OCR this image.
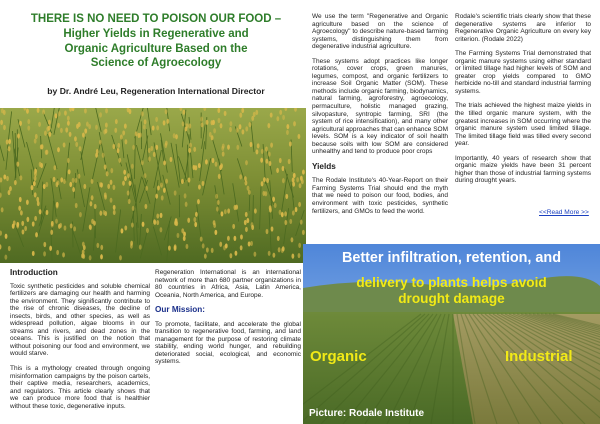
THERE IS NO NEED TO POISON OUR FOOD –
Higher Yields in Regenerative and
Organic Agriculture Based on the
Science of Agroecology
by Dr. André Leu, Regeneration International Director
Introduction

Toxic synthetic pesticides and soluble chemical fertilizers are damaging our health and harming the environment. They significantly contribute to the rise of chronic diseases, the decline of insects, birds, and other species, as well as widespread pollution, algae blooms in our streams and rivers, and dead zones in the oceans. This is justified on the notion that without poisoning our food and environment, we would starve.

This is a mythology created through ongoing misinformation campaigns by the poison cartels, their captive media, researchers, academics, and regulators. This article clearly shows that we can produce more food that is healthier without these toxic, degenerative inputs.

Regeneration International is an international network of more than 680 partner organizations in 80 countries in Africa, Asia, Latin America, Oceania, North America, and Europe.

Our Mission:

To promote, facilitate, and accelerate the global transition to regenerative food, farming, and land management for the purpose of restoring climate stability, ending world hunger, and rebuilding deteriorated social, ecological, and economic systems.

We use the term "Regenerative and Organic agriculture based on the science of Agroecology" to describe nature-based farming systems, distinguishing them from degenerative industrial agriculture.

These systems adopt practices like longer rotations, cover crops, green manures, legumes, compost, and organic fertilizers to increase Soil Organic Matter (SOM). These methods include organic farming, biodynamics, natural farming, agroforestry, agroecology, permaculture, holistic managed grazing, silvopasture, syntropic farming, SRI (the system of rice intensification), and many other agricultural approaches that can enhance SOM levels. SOM is a key indicator of soil health because soils with low SOM are considered unhealthy and tend to produce poor crops

Yields

The Rodale Institute's 40-Year-Report on their Farming Systems Trial should end the myth that we need to poison our food, bodies, and environment with toxic pesticides, synthetic fertilizers, and GMOs to feed the world.

Rodale's scientific trials clearly show that these degenerative systems are inferior to Regenerative Organic Agriculture on every key criterion. (Rodale 2022)

The Farming Systems Trial demonstrated that organic manure systems using either standard or limited tillage had higher levels of SOM and greater crop yields compared to GMO herbicide no-till and standard industrial farming systems.

The trials achieved the highest maize yields in the tilled organic manure system, with the greatest increases in SOM occurring where the organic manure system used limited tillage. The limited tillage field was tilled every second year.

Importantly, 40 years of research show that organic maize yields have been 31 percent higher than those of industrial farming systems during drought years.

<<Read More >>
Better infiltration, retention, and
delivery to plants helps avoid
drought damage
Organic	Industrial
Picture: Rodale Institute
